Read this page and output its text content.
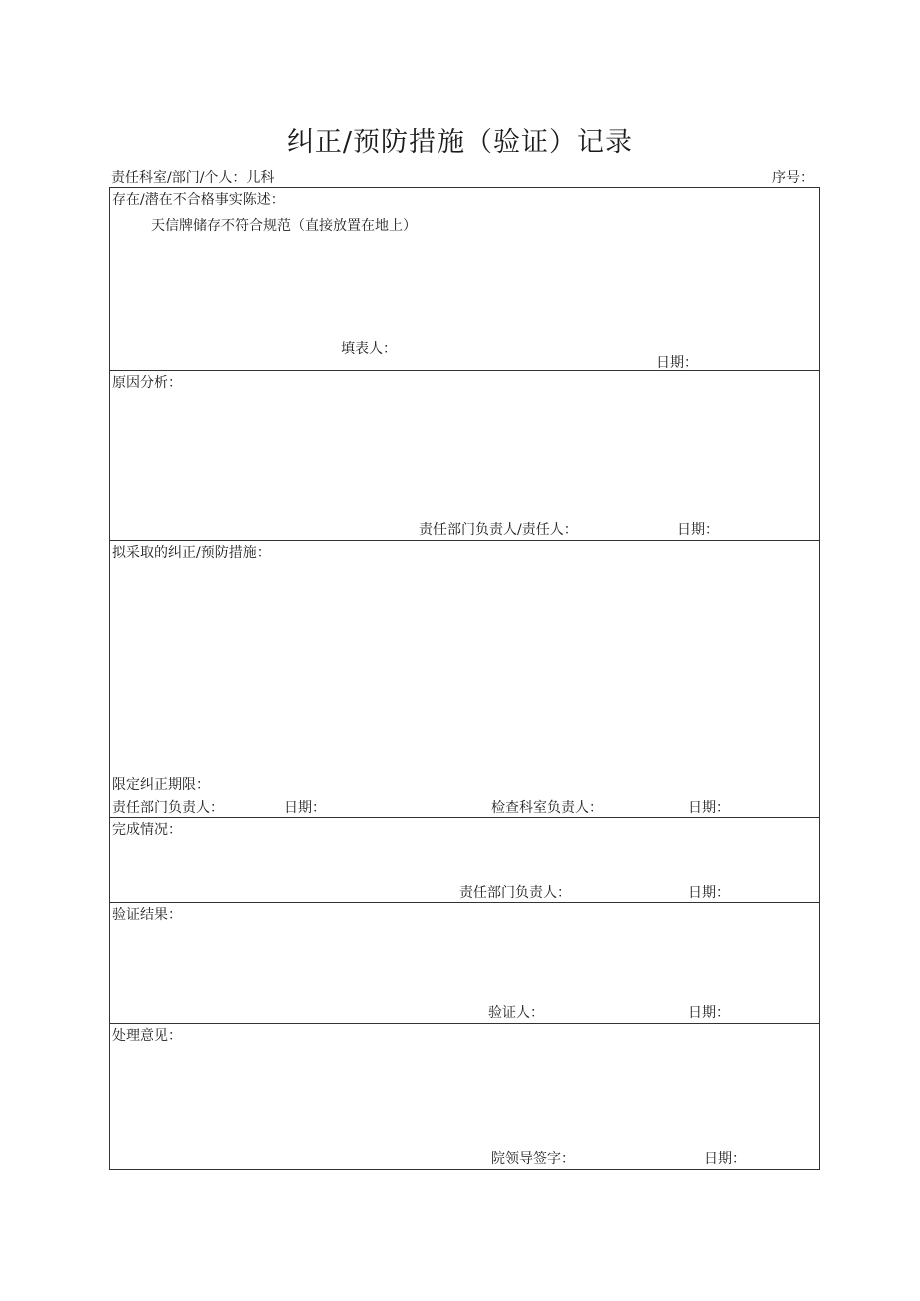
纠正/预防措施（验证）记录
责任科室/部门/个人：儿科	序号：
存在/潜在不合格事实陈述：
天信牌储存不符合规范（直接放置在地上）
填表人：
日期：
原因分析：
责任部门负责人/责任人：	日期：
拟采取的纠正/预防措施：
限定纠正期限：
责任部门负责人：	日期：	检查科室负责人：	日期：
完成情况：
责任部门负责人：	日期：
验证结果：
验证人：	日期：
处理意见：
院领导签字：	日期：
